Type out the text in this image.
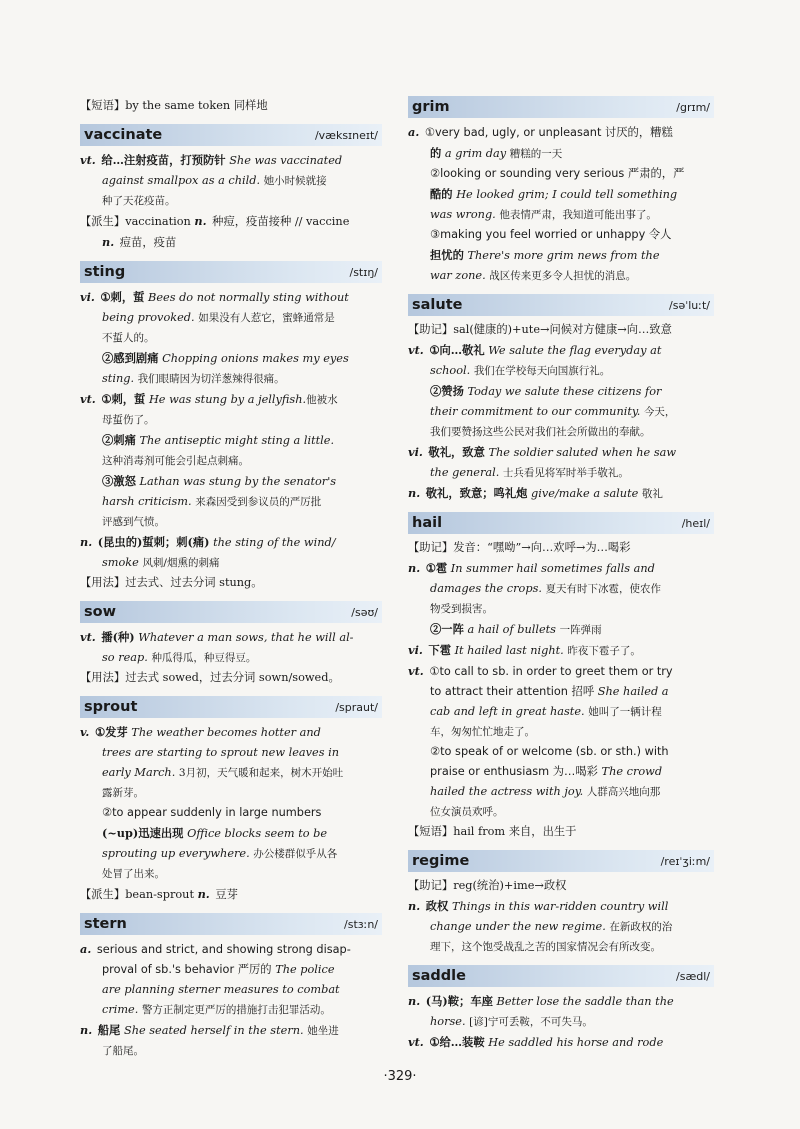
【短语】by the same token 同样地
vaccinate	/væksɪneɪt/
vt. 给…注射疫苗，打预防针 She was vaccinated
against smallpox as a child. 她小时候就接
种了天花疫苗。
【派生】vaccination n. 种痘，疫苗接种 // vaccine
n. 痘苗，疫苗
sting	/stɪŋ/
vi. ①刺，蜇 Bees do not normally sting without
being provoked. 如果没有人惹它，蜜蜂通常是
不蜇人的。
②感到剧痛 Chopping onions makes my eyes
sting. 我们眼睛因为切洋葱辣得很痛。
vt. ①刺，蜇 He was stung by a jellyfish.他被水
母蜇伤了。
②刺痛 The antiseptic might sting a little.
这种消毒剂可能会引起点刺痛。
③激怒 Lathan was stung by the senator's
harsh criticism. 来森因受到参议员的严厉批
评感到气愤。
n. (昆虫的)蜇刺；刺(痛) the sting of the wind/
smoke 风刺/烟熏的刺痛
【用法】过去式、过去分词 stung。
sow	/səʊ/
vt. 播(种) Whatever a man sows, that he will al-
so reap. 种瓜得瓜，种豆得豆。
【用法】过去式 sowed，过去分词 sown/sowed。
sprout	/spraut/
v. ①发芽 The weather becomes hotter and
trees are starting to sprout new leaves in
early March. 3月初，天气暖和起来，树木开始吐
露新芽。
②to appear suddenly in large numbers
(~up)迅速出现 Office blocks seem to be
sprouting up everywhere. 办公楼群似乎从各
处冒了出来。
【派生】bean-sprout n. 豆芽
stern	/stɜːn/
a. serious and strict, and showing strong disap-
proval of sb.'s behavior 严厉的 The police
are planning sterner measures to combat
crime. 警方正制定更严厉的措施打击犯罪活动。
n. 船尾 She seated herself in the stern. 她坐进
了船尾。
grim	/grɪm/
a. ①very bad, ugly, or unpleasant 讨厌的，糟糕
的 a grim day 糟糕的一天
②looking or sounding very serious 严肃的，严
酷的 He looked grim; I could tell something
was wrong. 他表情严肃，我知道可能出事了。
③making you feel worried or unhappy 令人
担忧的 There's more grim news from the
war zone. 战区传来更多令人担忧的消息。
salute	/səˈluːt/
【助记】sal(健康的)+ute→问候对方健康→向…致意
vt. ①向…敬礼 We salute the flag everyday at
school. 我们在学校每天向国旗行礼。
②赞扬 Today we salute these citizens for
their commitment to our community. 今天，
我们要赞扬这些公民对我们社会所做出的奉献。
vi. 敬礼，致意 The soldier saluted when he saw
the general. 士兵看见将军时举手敬礼。
n. 敬礼，致意；鸣礼炮 give/make a salute 敬礼
hail	/heɪl/
【助记】发音：“嘿呦”→向…欢呼→为…喝彩
n. ①雹 In summer hail sometimes falls and
damages the crops. 夏天有时下冰雹，使农作
物受到损害。
②一阵 a hail of bullets 一阵弹雨
vi. 下雹 It hailed last night. 昨夜下雹子了。
vt. ①to call to sb. in order to greet them or try
to attract their attention 招呼 She hailed a
cab and left in great haste. 她叫了一辆计程
车，匆匆忙忙地走了。
②to speak of or welcome (sb. or sth.) with
praise or enthusiasm 为…喝彩 The crowd
hailed the actress with joy. 人群高兴地向那
位女演员欢呼。
【短语】hail from 来自，出生于
regime	/reɪˈʒiːm/
【助记】reg(统治)+ime→政权
n. 政权 Things in this war-ridden country will
change under the new regime. 在新政权的治
理下，这个饱受战乱之苦的国家情况会有所改变。
saddle	/sædl/
n. (马)鞍；车座 Better lose the saddle than the
horse. [谚]宁可丢鞍，不可失马。
vt. ①给…装鞍 He saddled his horse and rode
·329·
